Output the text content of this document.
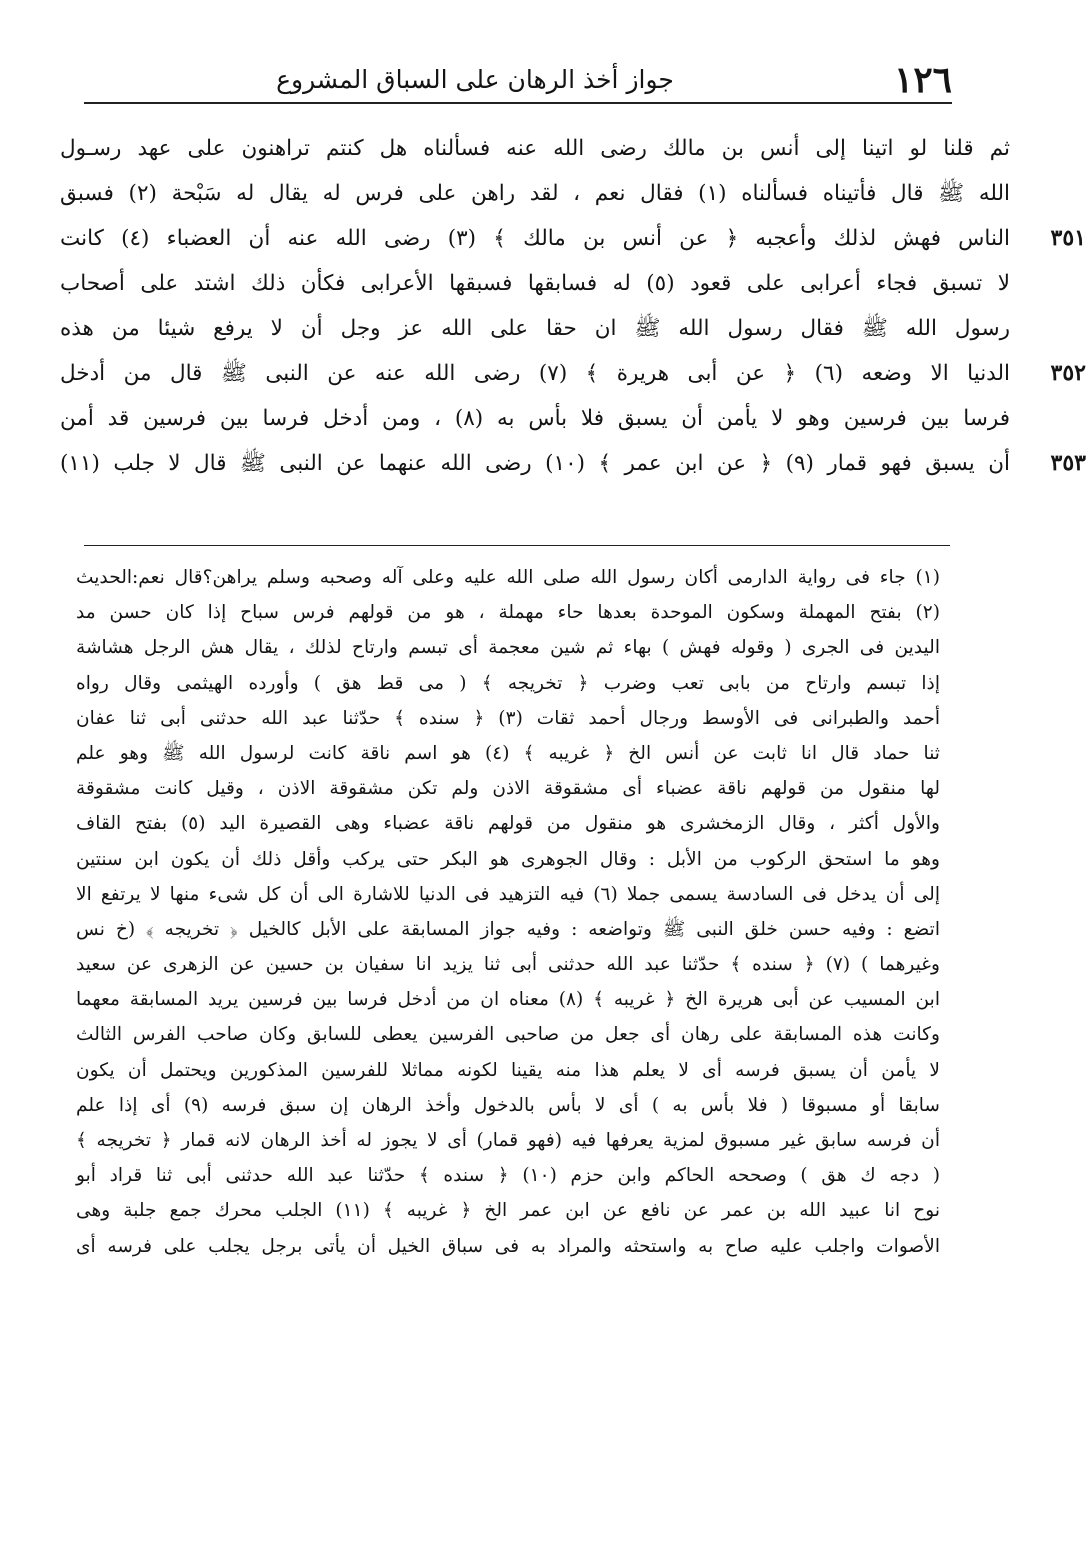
١٢٦
جواز أخذ الرهان على السباق المشروع
ثم قلنا لو اتينا إلى أنس بن مالك رضى الله عنه فسألناه هل كنتم تراهنون على عهد رسـول
الله ﷺ قال فأتيناه فسألناه (١) فقال نعم ، لقد راهن على فرس له يقال له سَبْحة (٢) فسبق
الناس فهش لذلك وأعجبه ﴿ عن أنس بن مالك ﴾ (٣) رضى الله عنه أن العضباء (٤) كانت	٣٥١
لا تسبق فجاء أعرابى على قعود (٥) له فسابقها فسبقها الأعرابى فكأن ذلك اشتد على أصحاب
رسول الله ﷺ فقال رسول الله ﷺ ان حقا على الله عز وجل أن لا يرفع شيئا من هذه
الدنيا الا وضعه (٦) ﴿ عن أبى هريرة ﴾ (٧) رضى الله عنه عن النبى ﷺ قال من أدخل	٣٥٢
فرسا بين فرسين وهو لا يأمن أن يسبق فلا بأس به (٨) ، ومن أدخل فرسا بين فرسين قد أمن
أن يسبق فهو قمار (٩) ﴿ عن ابن عمر ﴾ (١٠) رضى الله عنهما عن النبى ﷺ قال لا جلب (١١)	٣٥٣
(١) جاء فى رواية الدارمى أكان رسول الله صلى الله عليه وعلى آله وصحبه وسلم يراهن؟قال نعم:الحديث
(٢) بفتح المهملة وسكون الموحدة بعدها حاء مهملة ، هو من قولهم فرس سباح إذا كان حسن مد
اليدين فى الجرى ( وقوله فهش ) بهاء ثم شين معجمة أى تبسم وارتاح لذلك ، يقال هش الرجل هشاشة
إذا تبسم وارتاح من بابى تعب وضرب ﴿ تخريجه ﴾ ( مى قط هق ) وأورده الهيثمى وقال رواه
أحمد والطبرانى فى الأوسط ورجال أحمد ثقات (٣) ﴿ سنده ﴾ حدّثنا عبد الله حدثنى أبى ثنا عفان
ثنا حماد قال انا ثابت عن أنس الخ ﴿ غريبه ﴾ (٤) هو اسم ناقة كانت لرسول الله ﷺ وهو علم
لها منقول من قولهم ناقة عضباء أى مشقوقة الاذن ولم تكن مشقوقة الاذن ، وقيل كانت مشقوقة
والأول أكثر ، وقال الزمخشرى هو منقول من قولهم ناقة عضباء وهى القصيرة اليد (٥) بفتح القاف
وهو ما استحق الركوب من الأبل : وقال الجوهرى هو البكر حتى يركب وأقل ذلك أن يكون ابن سنتين
إلى أن يدخل فى السادسة يسمى جملا (٦) فيه التزهيد فى الدنيا للاشارة الى أن كل شىء منها لا يرتفع الا
اتضع : وفيه حسن خلق النبى ﷺ وتواضعه : وفيه جواز المسابقة على الأبل كالخيل ﴿ تخريجه ﴾ (خ نس
وغيرهما ) (٧) ﴿ سنده ﴾ حدّثنا عبد الله حدثنى أبى ثنا يزيد انا سفيان بن حسين عن الزهرى عن سعيد
ابن المسيب عن أبى هريرة الخ ﴿ غريبه ﴾ (٨) معناه ان من أدخل فرسا بين فرسين يريد المسابقة معهما
وكانت هذه المسابقة على رهان أى جعل من صاحبى الفرسين يعطى للسابق وكان صاحب الفرس الثالث
لا يأمن أن يسبق فرسه أى لا يعلم هذا منه يقينا لكونه مماثلا للفرسين المذكورين ويحتمل أن يكون
سابقا أو مسبوقا ( فلا بأس به ) أى لا بأس بالدخول وأخذ الرهان إن سبق فرسه (٩) أى إذا علم
أن فرسه سابق غير مسبوق لمزية يعرفها فيه (فهو قمار) أى لا يجوز له أخذ الرهان لانه قمار ﴿ تخريجه ﴾
( دجه ك هق ) وصححه الحاكم وابن حزم (١٠) ﴿ سنده ﴾ حدّثنا عبد الله حدثنى أبى ثنا قراد أبو
نوح انا عبيد الله بن عمر عن نافع عن ابن عمر الخ ﴿ غريبه ﴾ (١١) الجلب محرك جمع جلبة وهى
الأصوات واجلب عليه صاح به واستحثه والمراد به فى سباق الخيل أن يأتى برجل يجلب على فرسه أى
